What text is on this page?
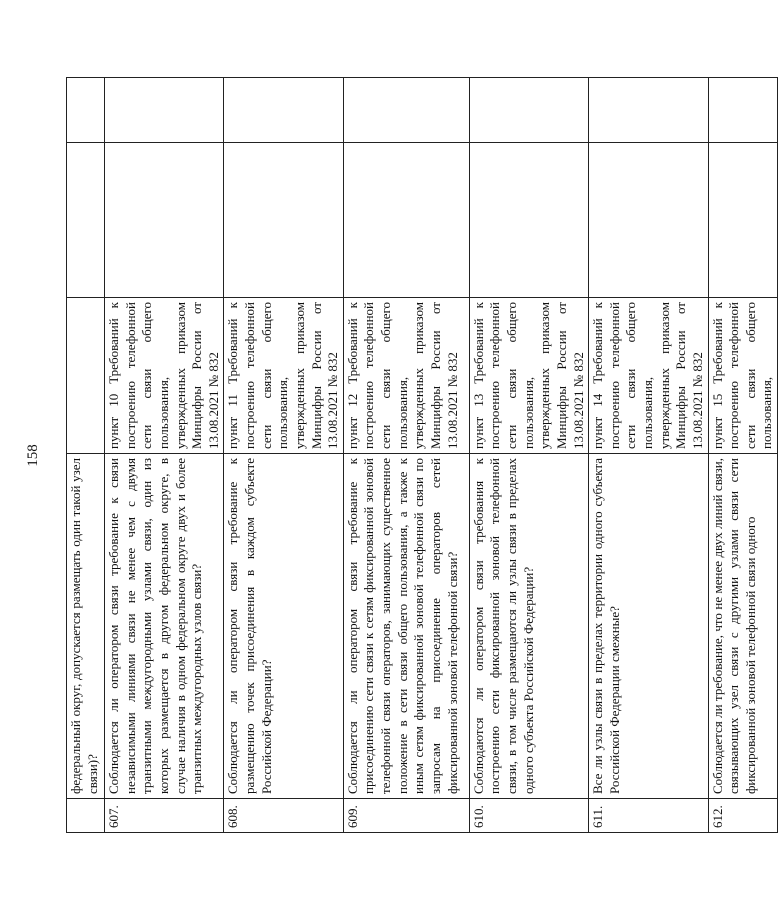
158
	федеральный округ, допускается размещать один такой узел связи)?			
607.	Соблюдается ли оператором связи требование к связи независимыми линиями связи не менее чем с двумя транзитными междугородными узлами связи, один из которых размещается в другом федеральном округе, в случае наличия в одном федеральном округе двух и более транзитных междугородных узлов связи?	пункт 10 Требований к построению телефонной сети связи общего пользования, утвержденных приказом Минцифры России от 13.08.2021 № 832		
608.	Соблюдается ли оператором связи требование к размещению точек присоединения в каждом субъекте Российской Федерации?	пункт 11 Требований к построению телефонной сети связи общего пользования, утвержденных приказом Минцифры России от 13.08.2021 № 832		
609.	Соблюдается ли оператором связи требование к присоединению сети связи к сетям фиксированной зоновой телефонной связи операторов, занимающих существенное положение в сети связи общего пользования, а также к иным сетям фиксированной зоновой телефонной связи по запросам на присоединение операторов сетей фиксированной зоновой телефонной связи?	пункт 12 Требований к построению телефонной сети связи общего пользования, утвержденных приказом Минцифры России от 13.08.2021 № 832		
610.	Соблюдаются ли оператором связи требования к построению сети фиксированной зоновой телефонной связи, в том числе размещаются ли узлы связи в пределах одного субъекта Российской Федерации?	пункт 13 Требований к построению телефонной сети связи общего пользования, утвержденных приказом Минцифры России от 13.08.2021 № 832		
611.	Все ли узлы связи в пределах территории одного субъекта Российской Федерации смежные?	пункт 14 Требований к построению телефонной сети связи общего пользования, утвержденных приказом Минцифры России от 13.08.2021 № 832		
612.	Соблюдается ли требование, что не менее двух линий связи, связывающих узел связи с другими узлами связи сети фиксированной зоновой телефонной связи одного	пункт 15 Требований к построению телефонной сети связи общего пользования,		
